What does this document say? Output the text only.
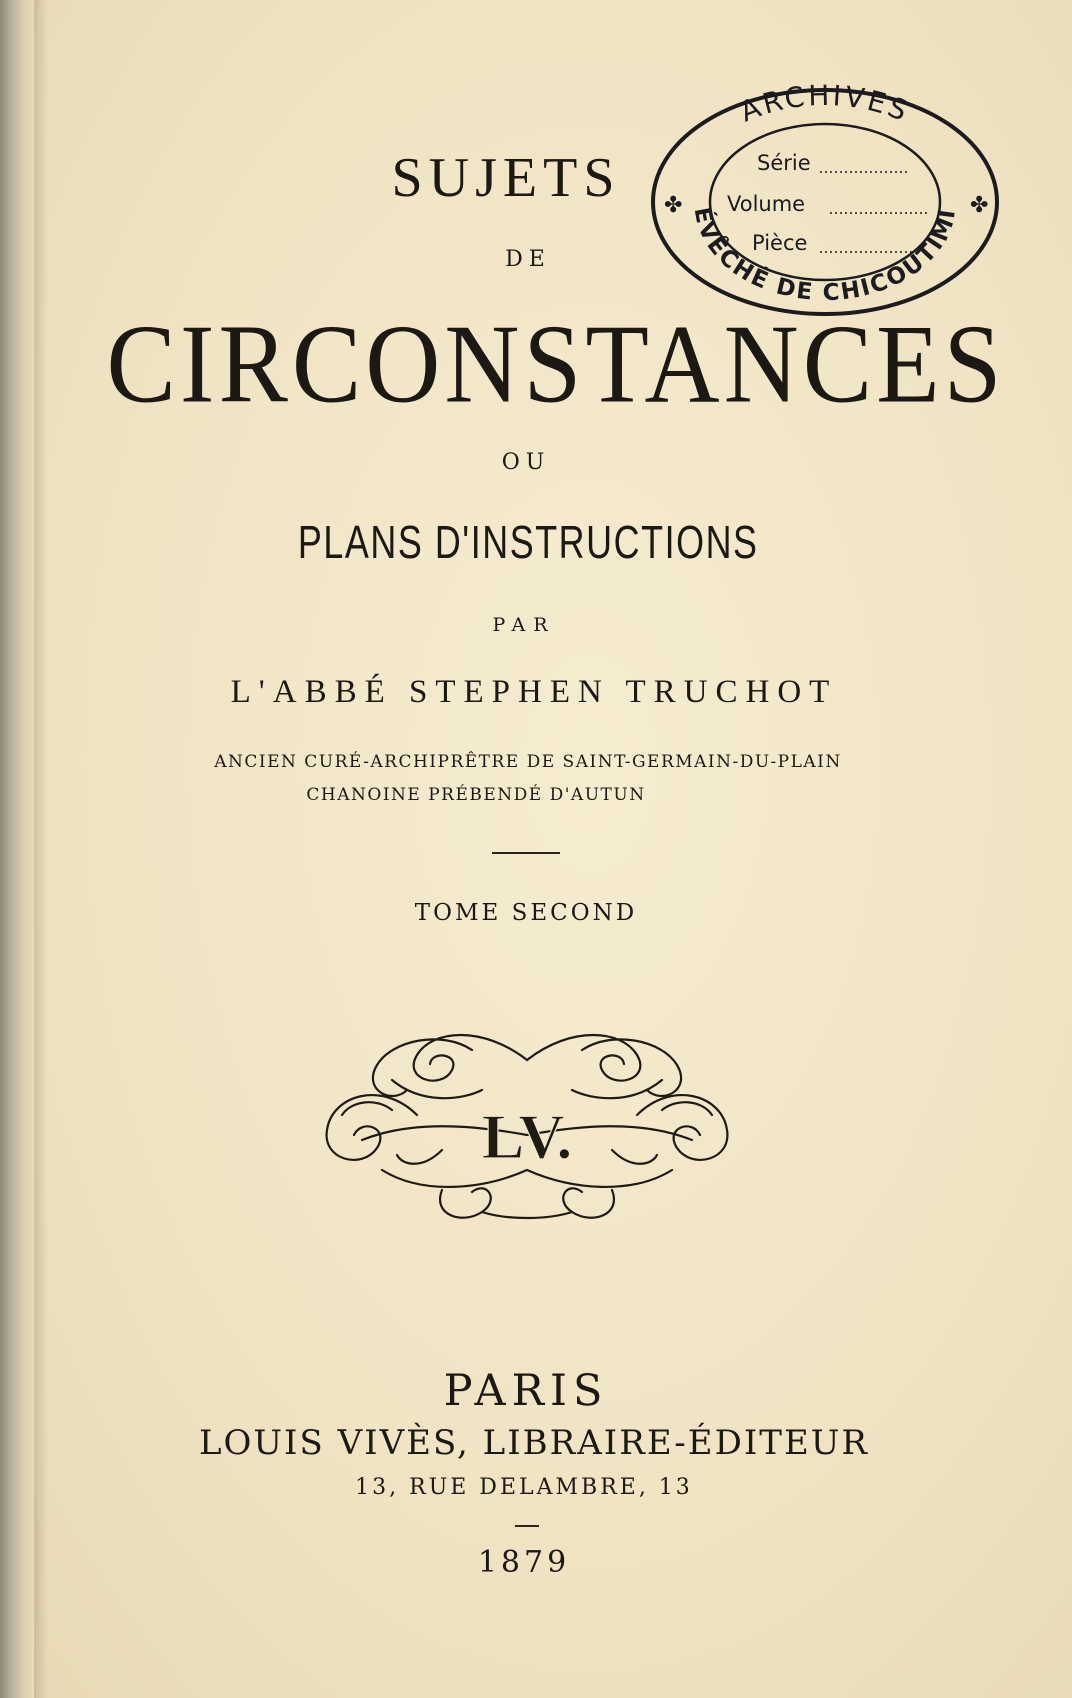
SUJETS
DE
CIRCONSTANCES
OU
PLANS D'INSTRUCTIONS
PAR
L'ABBÉ STEPHEN TRUCHOT
ANCIEN CURÉ-ARCHIPRÊTRE DE SAINT-GERMAIN-DU-PLAIN
CHANOINE PRÉBENDÉ D'AUTUN
TOME SECOND
LV.
PARIS
LOUIS VIVÈS, LIBRAIRE-ÉDITEUR
13, RUE DELAMBRE, 13
1879
ARCHIVES
ÉVÊCHÉ DE CHICOUTIMI
✤	✤
Série
Volume
Pièce
